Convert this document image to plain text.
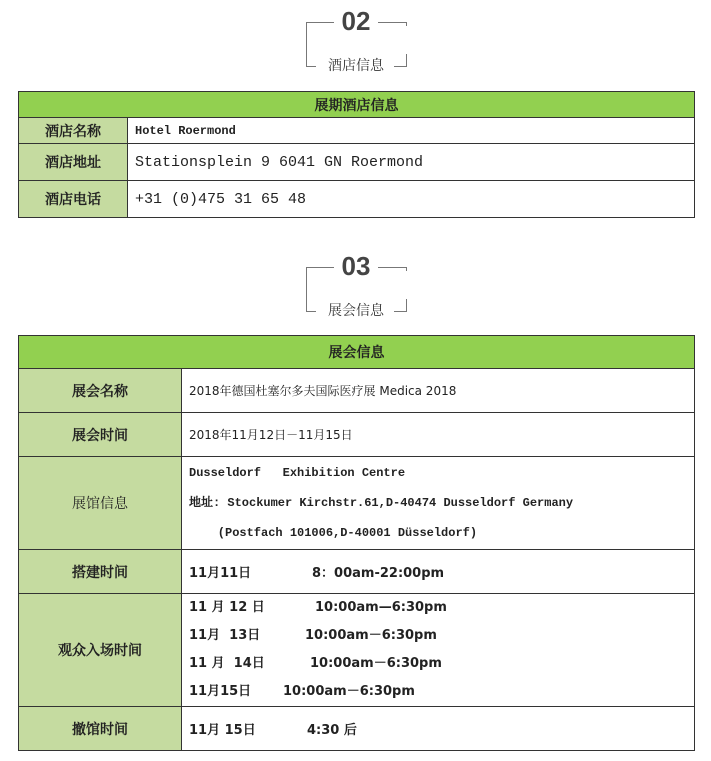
02
酒店信息
展期酒店信息	
酒店名称	Hotel Roermond
酒店地址	Stationsplein 9 6041 GN Roermond
酒店电话	+31 (0)475 31 65 48
03
展会信息
展会信息	
展会名称	2018年德国杜塞尔多夫国际医疗展 Medica 2018
展会时间	2018年11月12日－11月15日
展馆信息	Dusseldorf   Exhibition Centre
地址: Stockumer Kirchstr.61,D-40474 Dusseldorf Germany
(Postfach 101006,D-40001 Düsseldorf)

搭建时间	11月11日 8：00am-22:00pm
观众入场时间	11 月 12 日 10:00am—6:30pm
11月  13日 10:00am－6:30pm
11 月  14日 10:00am－6:30pm
11月15日 10:00am－6:30pm

撤馆时间	11月 15日 4:30 后
